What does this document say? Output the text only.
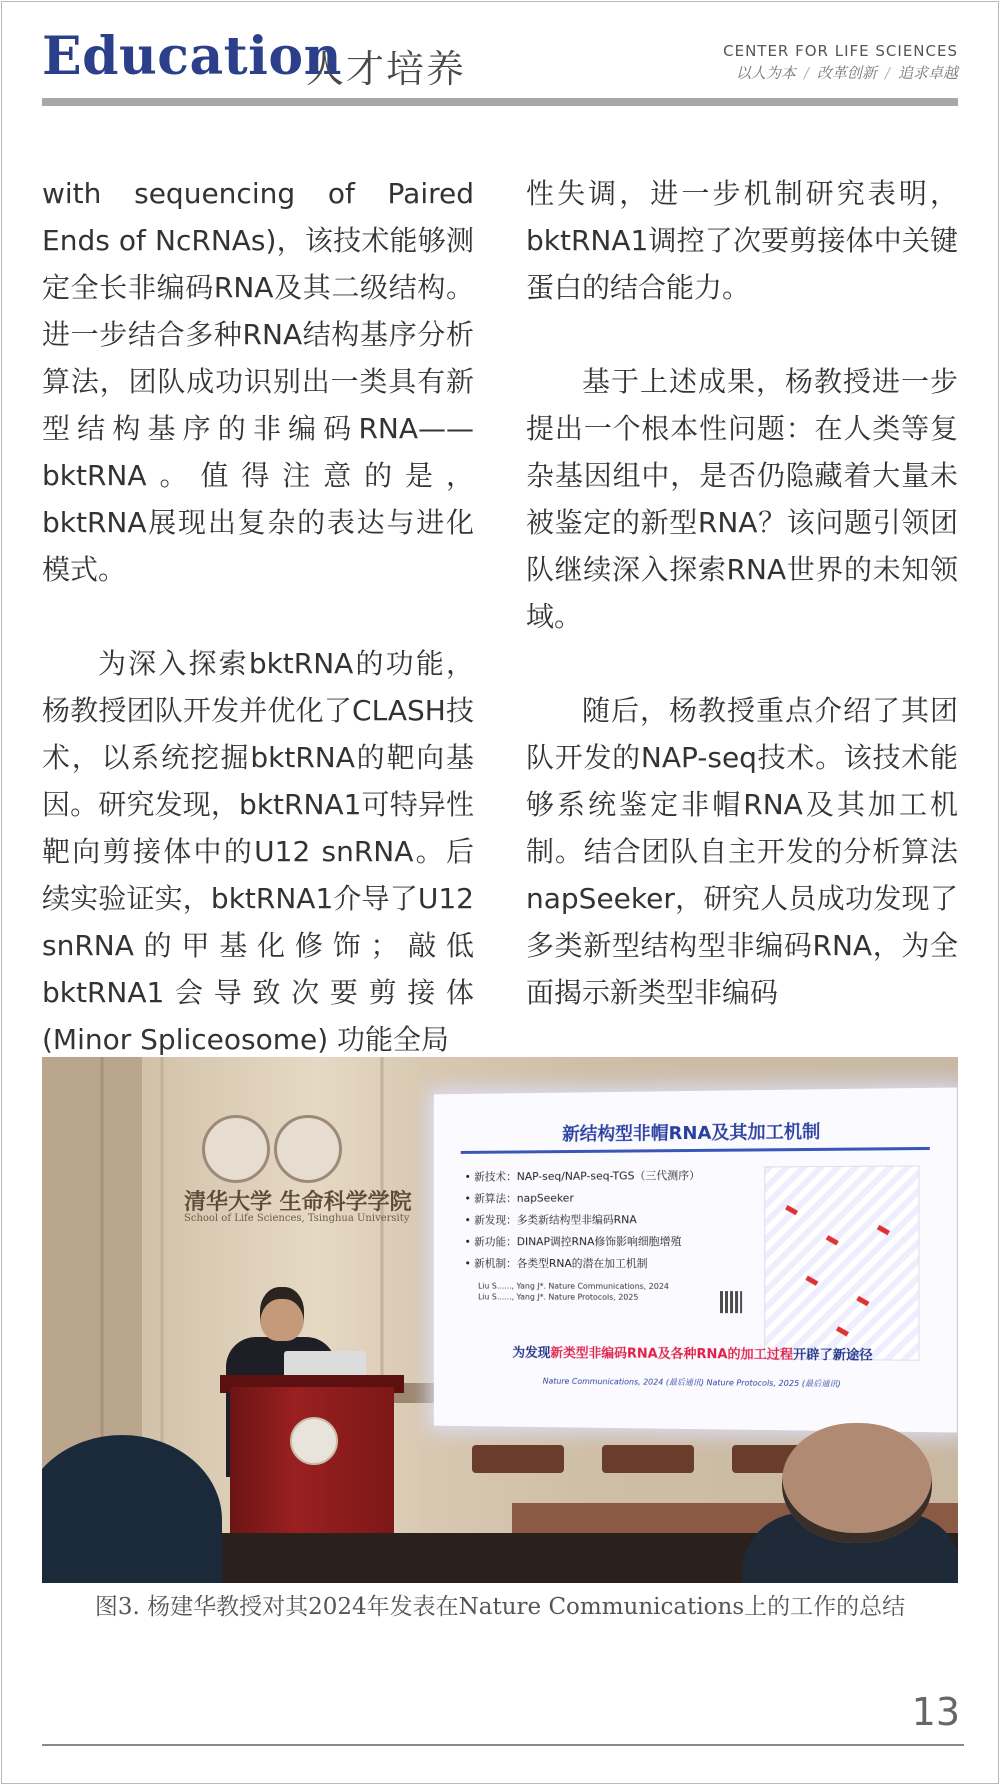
Education
人才培养	CENTER FOR LIFE SCIENCES
以人为本 / 改革创新 / 追求卓越

with sequencing of Paired Ends of NcRNAs)，该技术能够测定全长非编码RNA及其二级结构。进一步结合多种RNA结构基序分析算法，团队成功识别出一类具有新型结构基序的非编码RNA——bktRNA。值得注意的是，bktRNA展现出复杂的表达与进化模式。

为深入探索bktRNA的功能，杨教授团队开发并优化了CLASH技术，以系统挖掘bktRNA的靶向基因。研究发现，bktRNA1可特异性靶向剪接体中的U12 snRNA。后续实验证实，bktRNA1介导了U12 snRNA的甲基化修饰；敲低bktRNA1会导致次要剪接体(Minor Spliceosome) 功能全局

性失调，进一步机制研究表明，bktRNA1调控了次要剪接体中关键蛋白的结合能力。

基于上述成果，杨教授进一步提出一个根本性问题：在人类等复杂基因组中，是否仍隐藏着大量未被鉴定的新型RNA？该问题引领团队继续深入探索RNA世界的未知领域。

随后，杨教授重点介绍了其团队开发的NAP-seq技术。该技术能够系统鉴定非帽RNA及其加工机制。结合团队自主开发的分析算法napSeeker，研究人员成功发现了多类新型结构型非编码RNA，为全面揭示新类型非编码

清华大学 生命科学学院
School of Life Sciences, Tsinghua University
新结构型非帽RNA及其加工机制
• 新技术：NAP-seq/NAP-seq-TGS（三代测序）
• 新算法：napSeeker
• 新发现：多类新结构型非编码RNA
• 新功能：DINAP调控RNA修饰影响细胞增殖
• 新机制：各类型RNA的潜在加工机制
Liu S......, Yang J*. Nature Communications, 2024
Liu S......, Yang J*. Nature Protocols, 2025
为发现新类型非编码RNA及各种RNA的加工过程开辟了新途径
Nature Communications, 2024 (最后通讯) Nature Protocols, 2025 (最后通讯)
图3. 杨建华教授对其2024年发表在Nature Communications上的工作的总结
13
